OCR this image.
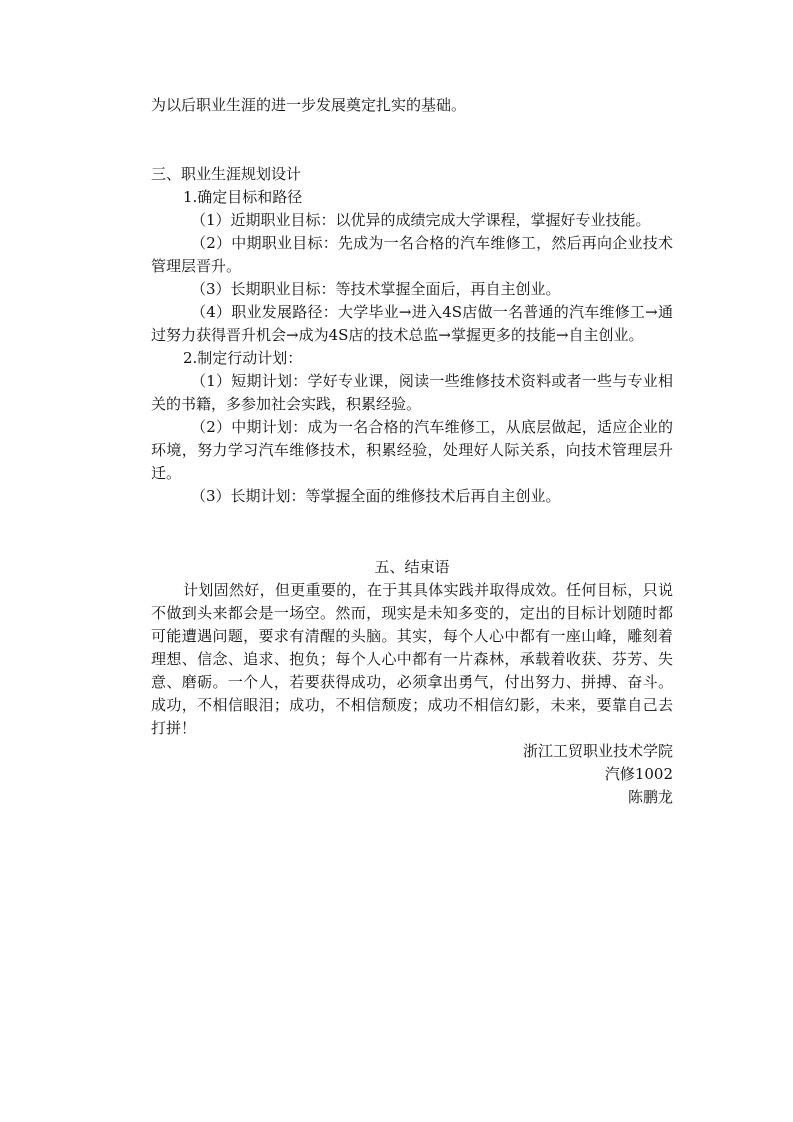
为以后职业生涯的进一步发展奠定扎实的基础。

三、职业生涯规划设计

1.确定目标和路径

（1）近期职业目标：以优异的成绩完成大学课程，掌握好专业技能。

（2）中期职业目标：先成为一名合格的汽车维修工，然后再向企业技术管理层晋升。

（3）长期职业目标：等技术掌握全面后，再自主创业。

（4）职业发展路径：大学毕业→进入4S店做一名普通的汽车维修工→通过努力获得晋升机会→成为4S店的技术总监→掌握更多的技能→自主创业。

2.制定行动计划：

（1）短期计划：学好专业课，阅读一些维修技术资料或者一些与专业相关的书籍，多参加社会实践，积累经验。

（2）中期计划：成为一名合格的汽车维修工，从底层做起，适应企业的环境，努力学习汽车维修技术，积累经验，处理好人际关系，向技术管理层升迁。

（3）长期计划：等掌握全面的维修技术后再自主创业。

五、结束语

计划固然好，但更重要的，在于其具体实践并取得成效。任何目标，只说不做到头来都会是一场空。然而，现实是未知多变的，定出的目标计划随时都可能遭遇问题，要求有清醒的头脑。其实，每个人心中都有一座山峰，雕刻着理想、信念、追求、抱负；每个人心中都有一片森林，承载着收获、芬芳、失意、磨砺。一个人，若要获得成功，必须拿出勇气，付出努力、拼搏、奋斗。成功，不相信眼泪；成功，不相信颓废；成功不相信幻影，未来，要靠自己去打拼！

浙江工贸职业技术学院

汽修1002

陈鹏龙
